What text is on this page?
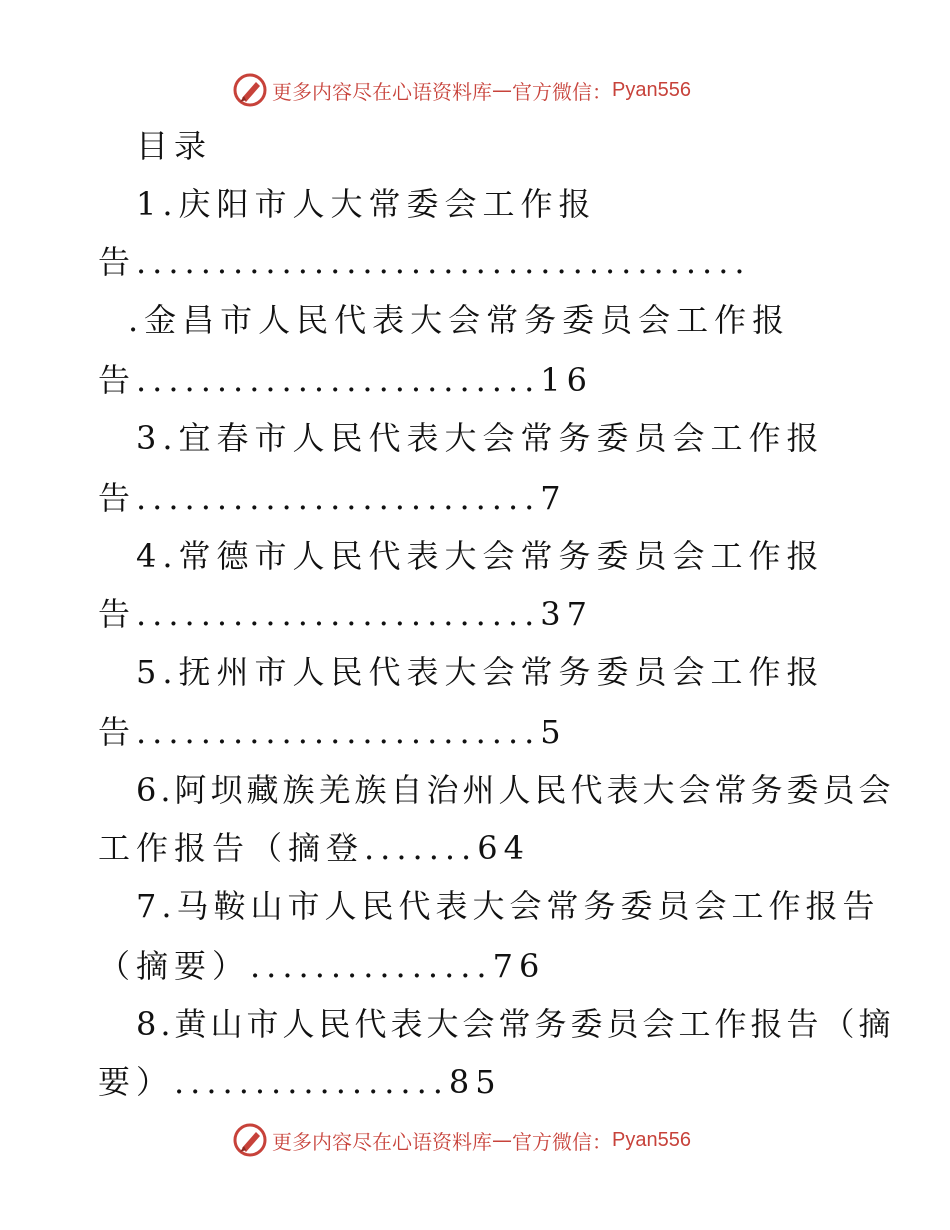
更多内容尽在心语资料库 — 官方微信： Pyan556
目录
1.庆阳市人大常委会工作报
告......................................
.金昌市人民代表大会常务委员会工作报
告.........................16
3.宜春市人民代表大会常务委员会工作报
告.........................7
4.常德市人民代表大会常务委员会工作报
告.........................37
5.抚州市人民代表大会常务委员会工作报
告.........................5
6.阿坝藏族羌族自治州人民代表大会常务委员会
工作报告（摘登.......64
7.马鞍山市人民代表大会常务委员会工作报告
（摘要）...............76
8.黄山市人民代表大会常务委员会工作报告（摘
要）.................85
更多内容尽在心语资料库 — 官方微信： Pyan556
